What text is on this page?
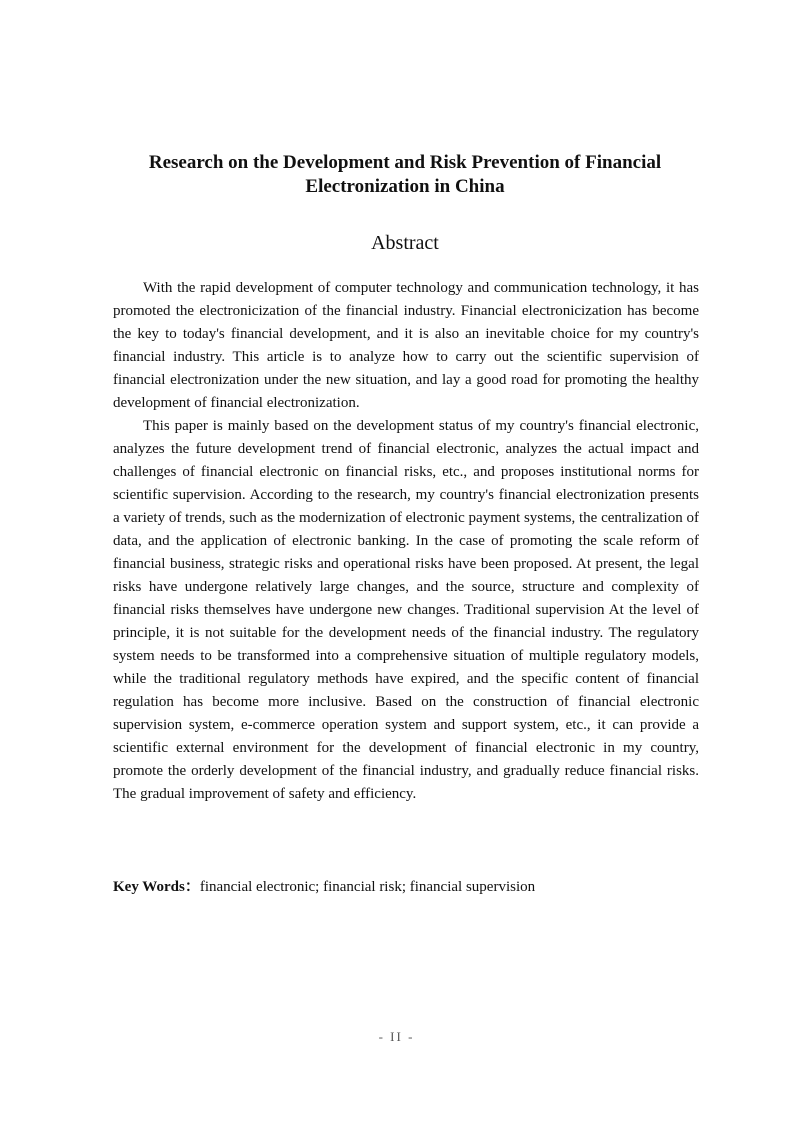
Research on the Development and Risk Prevention of Financial
Electronization in China
Abstract

With the rapid development of computer technology and communication technology, it has promoted the electronicization of the financial industry. Financial electronicization has become the key to today's financial development, and it is also an inevitable choice for my country's financial industry. This article is to analyze how to carry out the scientific supervision of financial electronization under the new situation, and lay a good road for promoting the healthy development of financial electronization.

This paper is mainly based on the development status of my country's financial electronic, analyzes the future development trend of financial electronic, analyzes the actual impact and challenges of financial electronic on financial risks, etc., and proposes institutional norms for scientific supervision. According to the research, my country's financial electronization presents a variety of trends, such as the modernization of electronic payment systems, the centralization of data, and the application of electronic banking. In the case of promoting the scale reform of financial business, strategic risks and operational risks have been proposed. At present, the legal risks have undergone relatively large changes, and the source, structure and complexity of financial risks themselves have undergone new changes. Traditional supervision At the level of principle, it is not suitable for the development needs of the financial industry. The regulatory system needs to be transformed into a comprehensive situation of multiple regulatory models, while the traditional regulatory methods have expired, and the specific content of financial regulation has become more inclusive. Based on the construction of financial electronic supervision system, e-commerce operation system and support system, etc., it can provide a scientific external environment for the development of financial electronic in my country, promote the orderly development of the financial industry, and gradually reduce financial risks. The gradual improvement of safety and efficiency.

Key Words：financial electronic; financial risk; financial supervision

- II -
